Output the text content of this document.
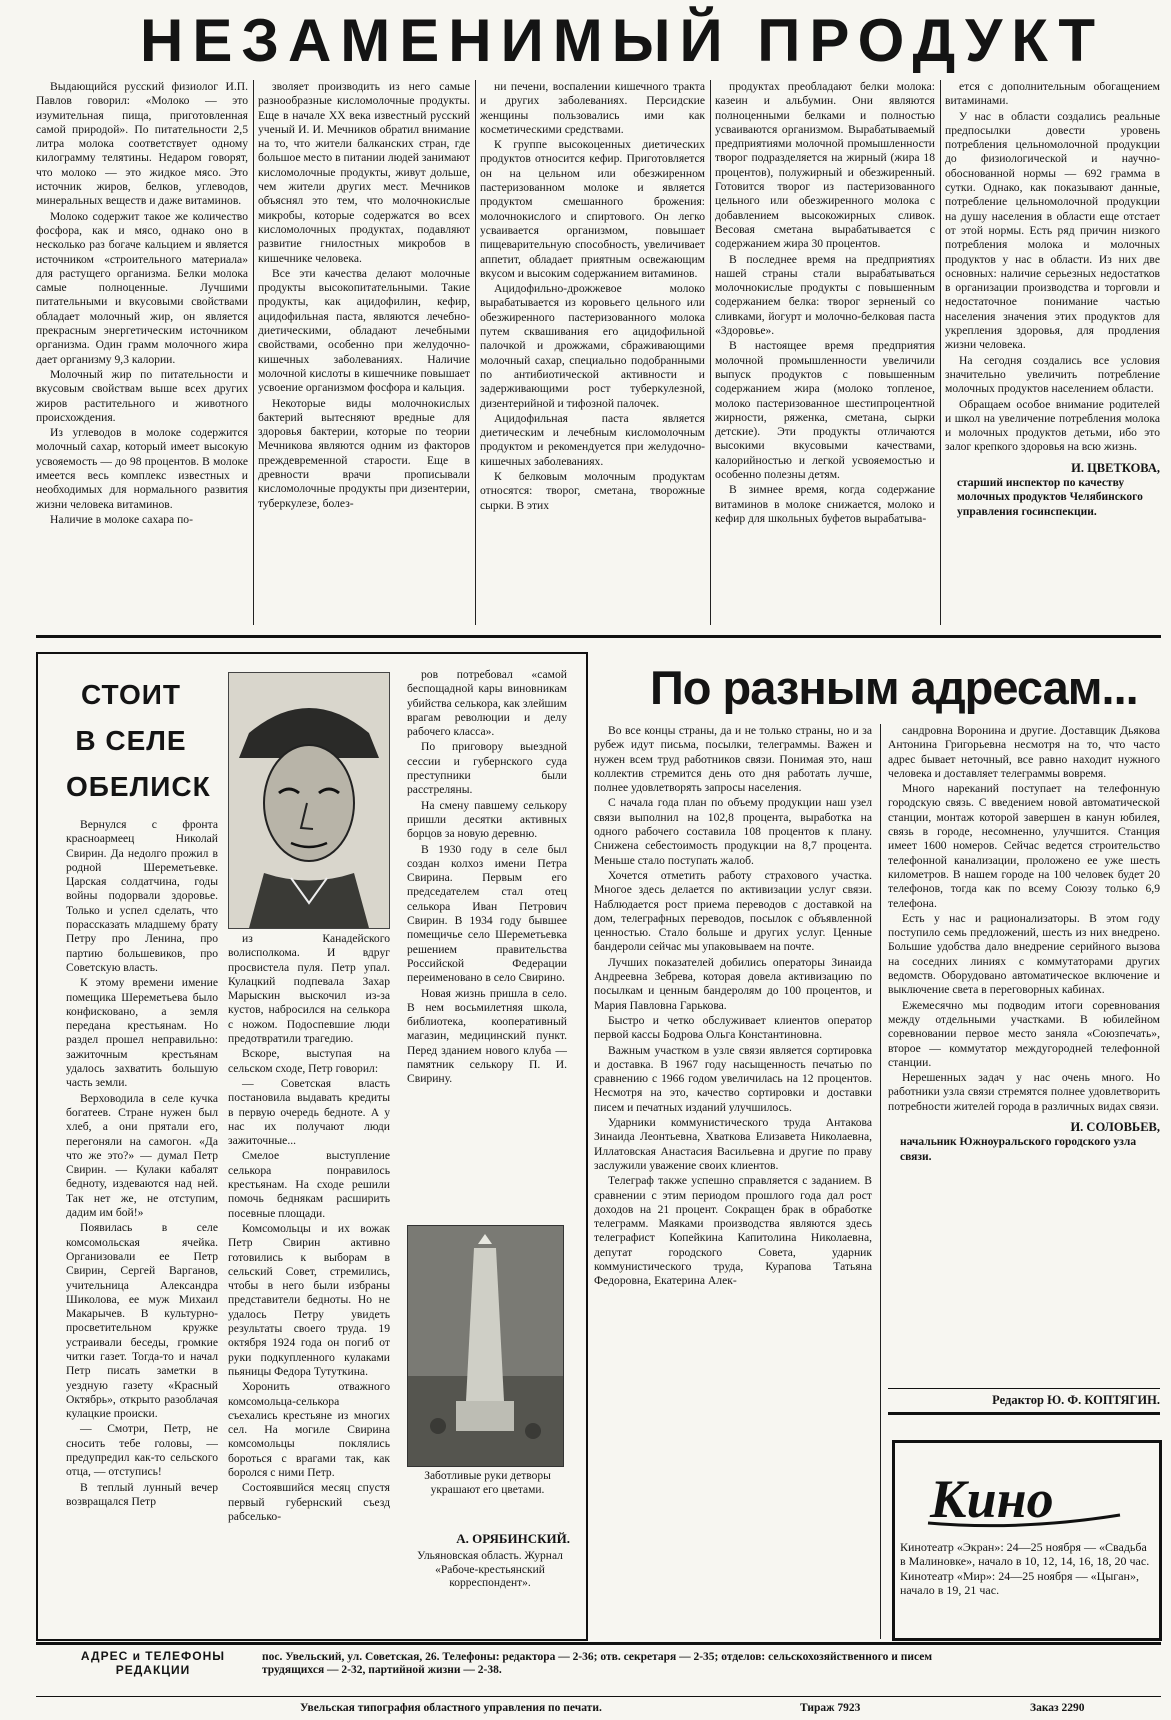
НЕЗАМЕНИМЫЙ ПРОДУКТ

Выдающийся русский физиолог И.П. Павлов говорил: «Молоко — это изумительная пища, приготовленная самой природой». По питательности 2,5 литра молока соответствует одному килограмму телятины. Недаром говорят, что молоко — это жидкое мясо. Это источник жиров, белков, углеводов, минеральных веществ и даже витаминов.

Молоко содержит такое же количество фосфора, как и мясо, однако оно в несколько раз богаче кальцием и является источником «строительного материала» для растущего организма. Белки молока самые полноценные. Лучшими питательными и вкусовыми свойствами обладает молочный жир, он является прекрасным энергетическим источником организма. Один грамм молочного жира дает организму 9,3 калории.

Молочный жир по питательности и вкусовым свойствам выше всех других жиров растительного и животного происхождения.

Из углеводов в молоке содержится молочный сахар, который имеет высокую усвояемость — до 98 процентов. В молоке имеется весь комплекс известных и необходимых для нормального развития жизни человека витаминов.

Наличие в молоке сахара по-

зволяет производить из него самые разнообразные кисломолочные продукты. Еще в начале XX века известный русский ученый И. И. Мечников обратил внимание на то, что жители балканских стран, где большое место в питании людей занимают кисломолочные продукты, живут дольше, чем жители других мест. Мечников объяснял это тем, что молочнокислые микробы, которые содержатся во всех кисломолочных продуктах, подавляют развитие гнилостных микробов в кишечнике человека.

Все эти качества делают молочные продукты высокопитательными. Такие продукты, как ацидофилин, кефир, ацидофильная паста, являются лечебно-диетическими, обладают лечебными свойствами, особенно при желудочно-кишечных заболеваниях. Наличие молочной кислоты в кишечнике повышает усвоение организмом фосфора и кальция.

Некоторые виды молочнокислых бактерий вытесняют вредные для здоровья бактерии, которые по теории Мечникова являются одним из факторов преждевременной старости. Еще в древности врачи прописывали кисломолочные продукты при дизентерии, туберкулезе, болез-

ни печени, воспалении кишечного тракта и других заболеваниях. Персидские женщины пользовались ими как косметическими средствами.

К группе высокоценных диетических продуктов относится кефир. Приготовляется он на цельном или обезжиренном пастеризованном молоке и является продуктом смешанного брожения: молочнокислого и спиртового. Он легко усваивается организмом, повышает пищеварительную способность, увеличивает аппетит, обладает приятным освежающим вкусом и высоким содержанием витаминов.

Ацидофильно-дрожжевое молоко вырабатывается из коровьего цельного или обезжиренного пастеризованного молока путем сквашивания его ацидофильной палочкой и дрожжами, сбраживающими молочный сахар, специально подобранными по антибиотической активности и задерживающими рост туберкулезной, дизентерийной и тифозной палочек.

Ацидофильная паста является диетическим и лечебным кисломолочным продуктом и рекомендуется при желудочно-кишечных заболеваниях.

К белковым молочным продуктам относятся: творог, сметана, творожные сырки. В этих

продуктах преобладают белки молока: казеин и альбумин. Они являются полноценными белками и полностью усваиваются организмом. Вырабатываемый предприятиями молочной промышленности творог подразделяется на жирный (жира 18 процентов), полужирный и обезжиренный. Готовится творог из пастеризованного цельного или обезжиренного молока с добавлением высокожирных сливок. Весовая сметана вырабатывается с содержанием жира 30 процентов.

В последнее время на предприятиях нашей страны стали вырабатываться молочнокислые продукты с повышенным содержанием белка: творог зерненый со сливками, йогурт и молочно-белковая паста «Здоровье».

В настоящее время предприятия молочной промышленности увеличили выпуск продуктов с повышенным содержанием жира (молоко топленое, молоко пастеризованное шестипроцентной жирности, ряженка, сметана, сырки детские). Эти продукты отличаются высокими вкусовыми качествами, калорийностью и легкой усвояемостью и особенно полезны детям.

В зимнее время, когда содержание витаминов в молоке снижается, молоко и кефир для школьных буфетов вырабатыва-

ется с дополнительным обогащением витаминами.

У нас в области создались реальные предпосылки довести уровень потребления цельномолочной продукции до физиологической и научно-обоснованной нормы — 692 грамма в сутки. Однако, как показывают данные, потребление цельномолочной продукции на душу населения в области еще отстает от этой нормы. Есть ряд причин низкого потребления молока и молочных продуктов у нас в области. Из них две основных: наличие серьезных недостатков в организации производства и торговли и недостаточное понимание частью населения значения этих продуктов для укрепления здоровья, для продления жизни человека.

На сегодня создались все условия значительно увеличить потребление молочных продуктов населением области.

Обращаем особое внимание родителей и школ на увеличение потребления молока и молочных продуктов детьми, ибо это залог крепкого здоровья на всю жизнь.

И. ЦВЕТКОВА,

старший инспектор по качеству молочных продуктов Челябинского управления госинспекции.

СТОИТ
В СЕЛЕ
ОБЕЛИСК

Вернулся с фронта красноармеец Николай Свирин. Да недолго прожил в родной Шереметьевке. Царская солдатчина, годы войны подорвали здоровье. Только и успел сделать, что порассказать младшему брату Петру про Ленина, про партию большевиков, про Советскую власть.

К этому времени имение помещика Шереметьева было конфисковано, а земля передана крестьянам. Но раздел прошел неправильно: зажиточным крестьянам удалось захватить большую часть земли.

Верховодила в селе кучка богатеев. Стране нужен был хлеб, а они прятали его, перегоняли на самогон. «Да что же это?» — думал Петр Свирин. — Кулаки кабалят бедноту, издеваются над ней. Так нет же, не отступим, дадим им бой!»

Появилась в селе комсомольская ячейка. Организовали ее Петр Свирин, Сергей Варганов, учительница Александра Шиколова, ее муж Михаил Макарычев. В культурно-просветительном кружке устраивали беседы, громкие читки газет. Тогда-то и начал Петр писать заметки в уездную газету «Красный Октябрь», открыто разоблачая кулацкие происки.

— Смотри, Петр, не сносить тебе головы, — предупредил как-то сельского отца, — отступись!

В теплый лунный вечер возвращался Петр

из Канадейского волисполкома. И вдруг просвистела пуля. Петр упал. Кулацкий подпевала Захар Марыскин выскочил из-за кустов, набросился на селькора с ножом. Подоспевшие люди предотвратили трагедию.

Вскоре, выступая на сельском сходе, Петр говорил:

— Советская власть постановила выдавать кредиты в первую очередь бедноте. А у нас их получают люди зажиточные...

Смелое выступление селькора понравилось крестьянам. На сходе решили помочь беднякам расширить посевные площади.

Комсомольцы и их вожак Петр Свирин активно готовились к выборам в сельский Совет, стремились, чтобы в него были избраны представители бедноты. Но не удалось Петру увидеть результаты своего труда. 19 октября 1924 года он погиб от руки подкупленного кулаками пьяницы Федора Тутуткина.

Хоронить отважного комсомольца-селькора съехались крестьяне из многих сел. На могиле Свирина комсомольцы поклялись бороться с врагами так, как боролся с ними Петр.

Состоявшийся месяц спустя первый губернский съезд рабселько-

ров потребовал «самой беспощадной кары виновникам убийства селькора, как злейшим врагам революции и делу рабочего класса».

По приговору выездной сессии и губернского суда преступники были расстреляны.

На смену павшему селькору пришли десятки активных борцов за новую деревню.

В 1930 году в селе был создан колхоз имени Петра Свирина. Первым его председателем стал отец селькора Иван Петрович Свирин. В 1934 году бывшее помещичье село Шереметьевка решением правительства Российской Федерации переименовано в село Свирино.

Новая жизнь пришла в село. В нем восьмилетняя школа, библиотека, кооперативный магазин, медицинский пункт. Перед зданием нового клуба — памятник селькору П. И. Свирину.

Заботливые руки детворы украшают его цветами.
А. ОРЯБИНСКИЙ.
Ульяновская область. Журнал «Рабоче-крестьянский корреспондент».
По разным адресам...

Во все концы страны, да и не только страны, но и за рубеж идут письма, посылки, телеграммы. Важен и нужен всем труд работников связи. Понимая это, наш коллектив стремится день ото дня работать лучше, полнее удовлетворять запросы населения.

С начала года план по объему продукции наш узел связи выполнил на 102,8 процента, выработка на одного рабочего составила 108 процентов к плану. Снижена себестоимость продукции на 8,7 процента. Меньше стало поступать жалоб.

Хочется отметить работу страхового участка. Многое здесь делается по активизации услуг связи. Наблюдается рост приема переводов с доставкой на дом, телеграфных переводов, посылок с объявленной ценностью. Стало больше и других услуг. Ценные бандероли сейчас мы упаковываем на почте.

Лучших показателей добились операторы Зинаида Андреевна Зебрева, которая довела активизацию по посылкам и ценным бандеролям до 100 процентов, и Мария Павловна Гарькова.

Быстро и четко обслуживает клиентов оператор первой кассы Бодрова Ольга Константиновна.

Важным участком в узле связи является сортировка и доставка. В 1967 году насыщенность печатью по сравнению с 1966 годом увеличилась на 12 процентов. Несмотря на это, качество сортировки и доставки писем и печатных изданий улучшилось.

Ударники коммунистического труда Антакова Зинаида Леонтьевна, Хваткова Елизавета Николаевна, Иллатовская Анастасия Васильевна и другие по праву заслужили уважение своих клиентов.

Телеграф также успешно справляется с заданием. В сравнении с этим периодом прошлого года дал рост доходов на 21 процент. Сокращен брак в обработке телеграмм. Маяками производства являются здесь телеграфист Копейкина Капитолина Николаевна, депутат городского Совета, ударник коммунистического труда, Курапова Татьяна Федоровна, Екатерина Алек-

сандровна Воронина и другие. Доставщик Дьякова Антонина Григорьевна несмотря на то, что часто адрес бывает неточный, все равно находит нужного человека и доставляет телеграммы вовремя.

Много нареканий поступает на телефонную городскую связь. С введением новой автоматической станции, монтаж которой завершен в канун юбилея, связь в городе, несомненно, улучшится. Станция имеет 1600 номеров. Сейчас ведется строительство телефонной канализации, проложено ее уже шесть километров. В нашем городе на 100 человек будет 20 телефонов, тогда как по всему Союзу только 6,9 телефона.

Есть у нас и рационализаторы. В этом году поступило семь предложений, шесть из них внедрено. Большие удобства дало внедрение серийного вызова на соседних линиях с коммутаторами других ведомств. Оборудовано автоматическое включение и выключение света в переговорных кабинах.

Ежемесячно мы подводим итоги соревнования между отдельными участками. В юбилейном соревновании первое место заняла «Союзпечать», второе — коммутатор междугородней телефонной станции.

Нерешенных задач у нас очень много. Но работники узла связи стремятся полнее удовлетворить потребности жителей города в различных видах связи.

И. СОЛОВЬЕВ,

начальник Южноуральского городского узла связи.

Редактор Ю. Ф. КОПТЯГИН.
Кино

Кинотеатр «Экран»: 24—25 ноября — «Свадьба в Малиновке», начало в 10, 12, 14, 16, 18, 20 час.

Кинотеатр «Мир»: 24—25 ноября — «Цыган», начало в 19, 21 час.

АДРЕС и ТЕЛЕФОНЫ РЕДАКЦИИ
пос. Увельский, ул. Советская, 26. Телефоны: редактора — 2-36; отв. секретаря — 2-35; отделов: сельскохозяйственного и писем трудящихся — 2-32, партийной жизни — 2-38.
Увельская типография областного управления по печати.	Тираж 7923	Заказ 2290
